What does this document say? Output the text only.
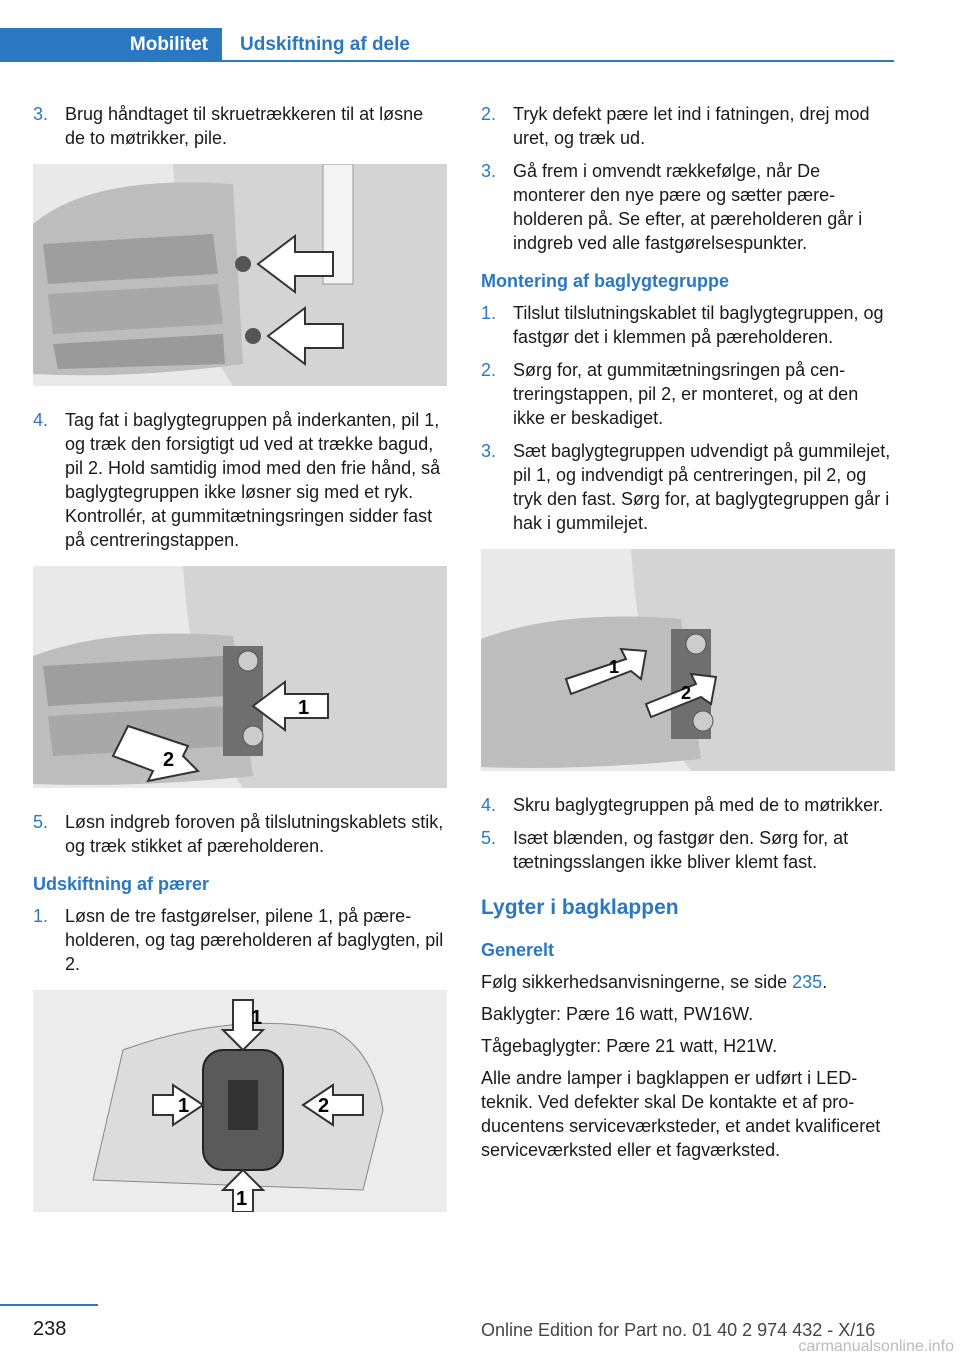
Mobilitet	Udskiftning af dele
3. Brug håndtaget til skruetrækkeren til at løsne de to møtrikker, pile.
4. Tag fat i baglygtegruppen på inderkanten, pil 1, og træk den forsigtigt ud ved at trække bagud, pil 2. Hold samtidig imod med den frie hånd, så baglygtegruppen ikke løsner sig med et ryk. Kontrollér, at gummitætningsringen sidder fast på centreringstappen.
1
2
5. Løsn indgreb foroven på tilslutningskablets stik, og træk stikket af pæreholderen.
Udskiftning af pærer
1. Løsn de tre fastgørelser, pilene 1, på pæreholderen, og tag pæreholderen af baglygten, pil 2.
1
1	2
1
2. Tryk defekt pære let ind i fatningen, drej mod uret, og træk ud.
3. Gå frem i omvendt rækkefølge, når De monterer den nye pære og sætter pæreholderen på. Se efter, at pæreholderen går i indgreb ved alle fastgørelsespunkter.
Montering af baglygtegruppe
1. Tilslut tilslutningskablet til baglygtegruppen, og fastgør det i klemmen på pæreholderen.
2. Sørg for, at gummitætningsringen på centreringstappen, pil 2, er monteret, og at den ikke er beskadiget.
3. Sæt baglygtegruppen udvendigt på gummilejet, pil 1, og indvendigt på centreringen, pil 2, og tryk den fast. Sørg for, at baglygtegruppen går i hak i gummilejet.
1
2
4. Skru baglygtegruppen på med de to møtrikker.
5. Isæt blænden, og fastgør den. Sørg for, at tætningsslangen ikke bliver klemt fast.
Lygter i bagklappen
Generelt
Følg sikkerhedsanvisningerne, se side 235.
Baklygter: Pære 16 watt, PW16W.
Tågebaglygter: Pære 21 watt, H21W.
Alle andre lamper i bagklappen er udført i LED-teknik. Ved defekter skal De kontakte et af producentens serviceværksteder, et andet kvalificeret serviceværksted eller et fagværksted.
238	Online Edition for Part no. 01 40 2 974 432 - X/16
carmanualsonline.info
